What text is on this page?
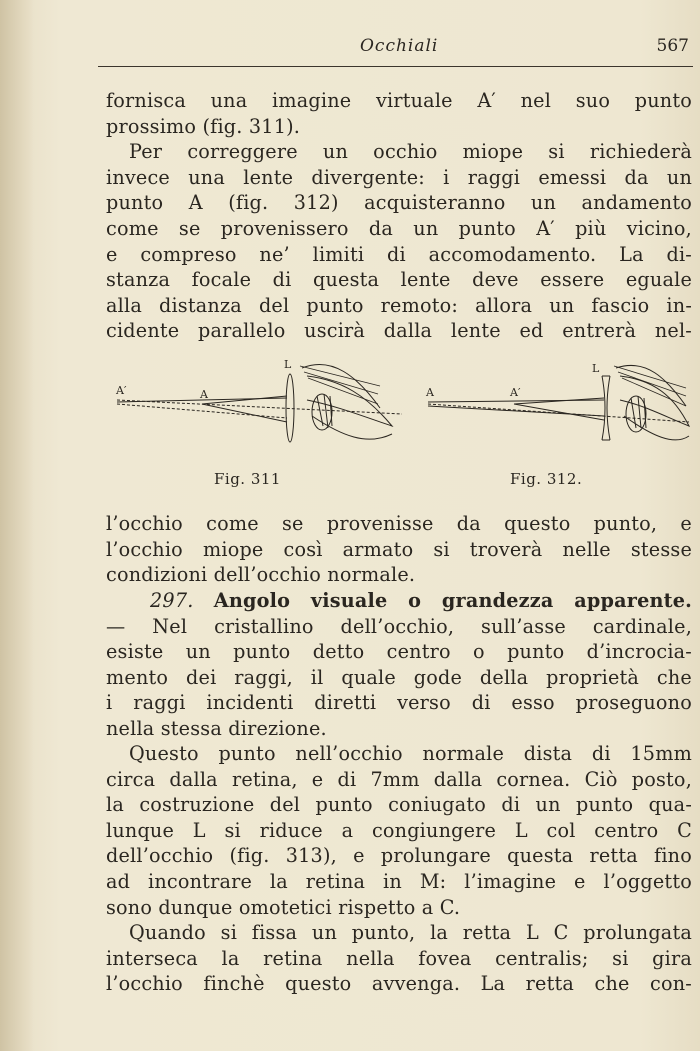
Occhiali	567
fornisca una imagine virtuale A′ nel suo punto
prossimo (fig. 311).
Per correggere un occhio miope si richiederà
invece una lente divergente: i raggi emessi da un
punto A (fig. 312) acquisteranno un andamento
come se provenissero da un punto A′ più vicino,
e compreso ne’ limiti di accomodamento. La di-
stanza focale di questa lente deve essere eguale
alla distanza del punto remoto: allora un fascio in-
cidente parallelo uscirà dalla lente ed entrerà nel-
A′	A
L
A	A′
L
Fig. 311	Fig. 312.
l’occhio come se provenisse da questo punto, e
l’occhio miope così armato si troverà nelle stesse
condizioni dell’occhio normale.
297. Angolo visuale o grandezza apparente.
— Nel cristallino dell’occhio, sull’asse cardinale,
esiste un punto detto centro o punto d’incrocia-
mento dei raggi, il quale gode della proprietà che
i raggi incidenti diretti verso di esso proseguono
nella stessa direzione.
Questo punto nell’occhio normale dista di 15mm
circa dalla retina, e di 7mm dalla cornea. Ciò posto,
la costruzione del punto coniugato di un punto qua-
lunque L si riduce a congiungere L col centro C
dell’occhio (fig. 313), e prolungare questa retta fino
ad incontrare la retina in M: l’imagine e l’oggetto
sono dunque omotetici rispetto a C.
Quando si fissa un punto, la retta L C prolungata
interseca la retina nella fovea centralis; si gira
l’occhio finchè questo avvenga. La retta che con-
